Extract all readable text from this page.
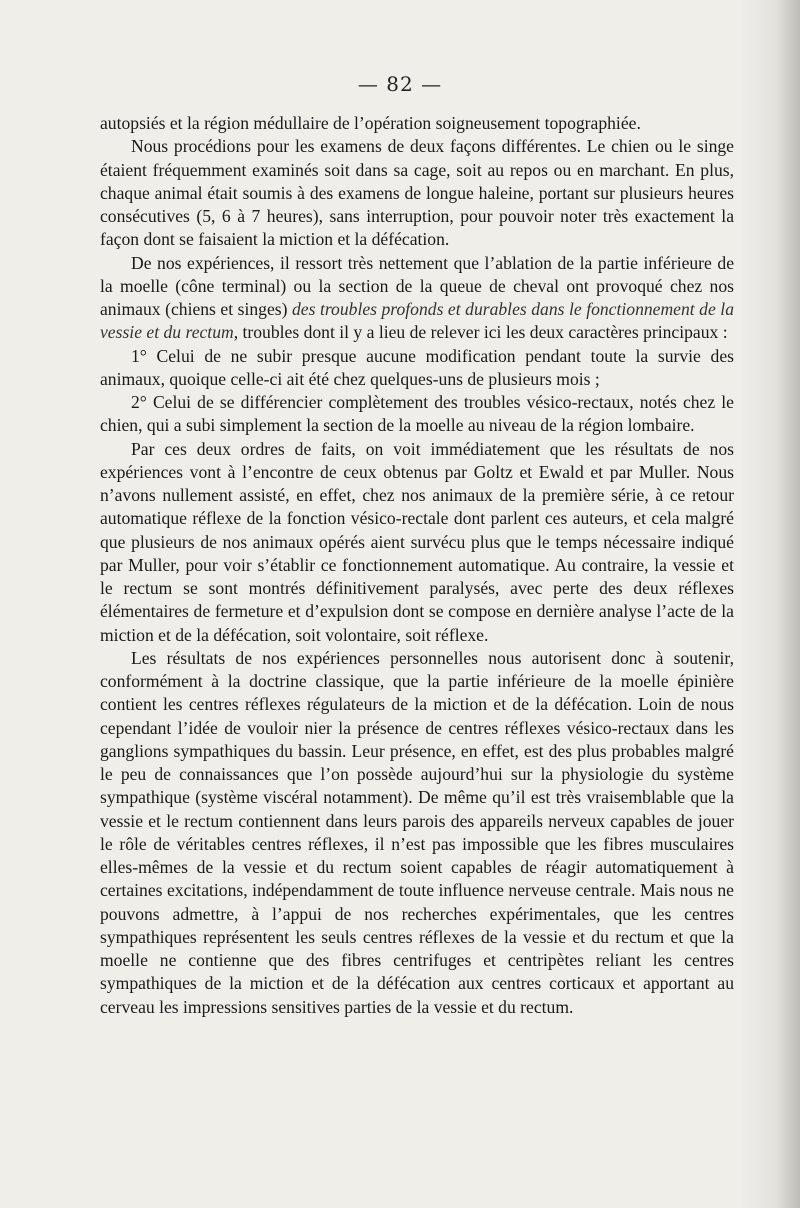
— 82 —

autopsiés et la région médullaire de l’opération soigneusement topographiée.

Nous procédions pour les examens de deux façons différentes. Le chien ou le singe étaient fréquemment examinés soit dans sa cage, soit au repos ou en marchant. En plus, chaque animal était soumis à des examens de longue haleine, portant sur plusieurs heures consécutives (5, 6 à 7 heures), sans interruption, pour pouvoir noter très exactement la façon dont se faisaient la miction et la défécation.

De nos expériences, il ressort très nettement que l’ablation de la partie inférieure de la moelle (cône terminal) ou la section de la queue de cheval ont provoqué chez nos animaux (chiens et singes) des troubles profonds et durables dans le fonctionnement de la vessie et du rectum, troubles dont il y a lieu de relever ici les deux caractères principaux :

1° Celui de ne subir presque aucune modification pendant toute la survie des animaux, quoique celle-ci ait été chez quelques-uns de plusieurs mois ;

2° Celui de se différencier complètement des troubles vésico-rectaux, notés chez le chien, qui a subi simplement la section de la moelle au niveau de la région lombaire.

Par ces deux ordres de faits, on voit immédiatement que les résultats de nos expériences vont à l’encontre de ceux obtenus par Goltz et Ewald et par Muller. Nous n’avons nullement assisté, en effet, chez nos animaux de la première série, à ce retour automatique réflexe de la fonction vésico-rectale dont parlent ces auteurs, et cela malgré que plusieurs de nos animaux opérés aient survécu plus que le temps nécessaire indiqué par Muller, pour voir s’établir ce fonctionnement automatique. Au contraire, la vessie et le rectum se sont montrés définitivement paralysés, avec perte des deux réflexes élémentaires de fermeture et d’expulsion dont se compose en dernière analyse l’acte de la miction et de la défécation, soit volontaire, soit réflexe.

Les résultats de nos expériences personnelles nous autorisent donc à soutenir, conformément à la doctrine classique, que la partie inférieure de la moelle épinière contient les centres réflexes régulateurs de la miction et de la défécation. Loin de nous cependant l’idée de vouloir nier la présence de centres réflexes vésico-rectaux dans les ganglions sympathiques du bassin. Leur présence, en effet, est des plus probables malgré le peu de connaissances que l’on possède aujourd’hui sur la physiologie du système sympathique (système viscéral notamment). De même qu’il est très vraisemblable que la vessie et le rectum contiennent dans leurs parois des appareils nerveux capables de jouer le rôle de véritables centres réflexes, il n’est pas impossible que les fibres musculaires elles-mêmes de la vessie et du rectum soient capables de réagir automatiquement à certaines excitations, indépendamment de toute influence nerveuse centrale. Mais nous ne pouvons admettre, à l’appui de nos recherches expérimentales, que les centres sympathiques représentent les seuls centres réflexes de la vessie et du rectum et que la moelle ne contienne que des fibres centrifuges et centripètes reliant les centres sympathiques de la miction et de la défécation aux centres corticaux et apportant au cerveau les impressions sensitives parties de la vessie et du rectum.
